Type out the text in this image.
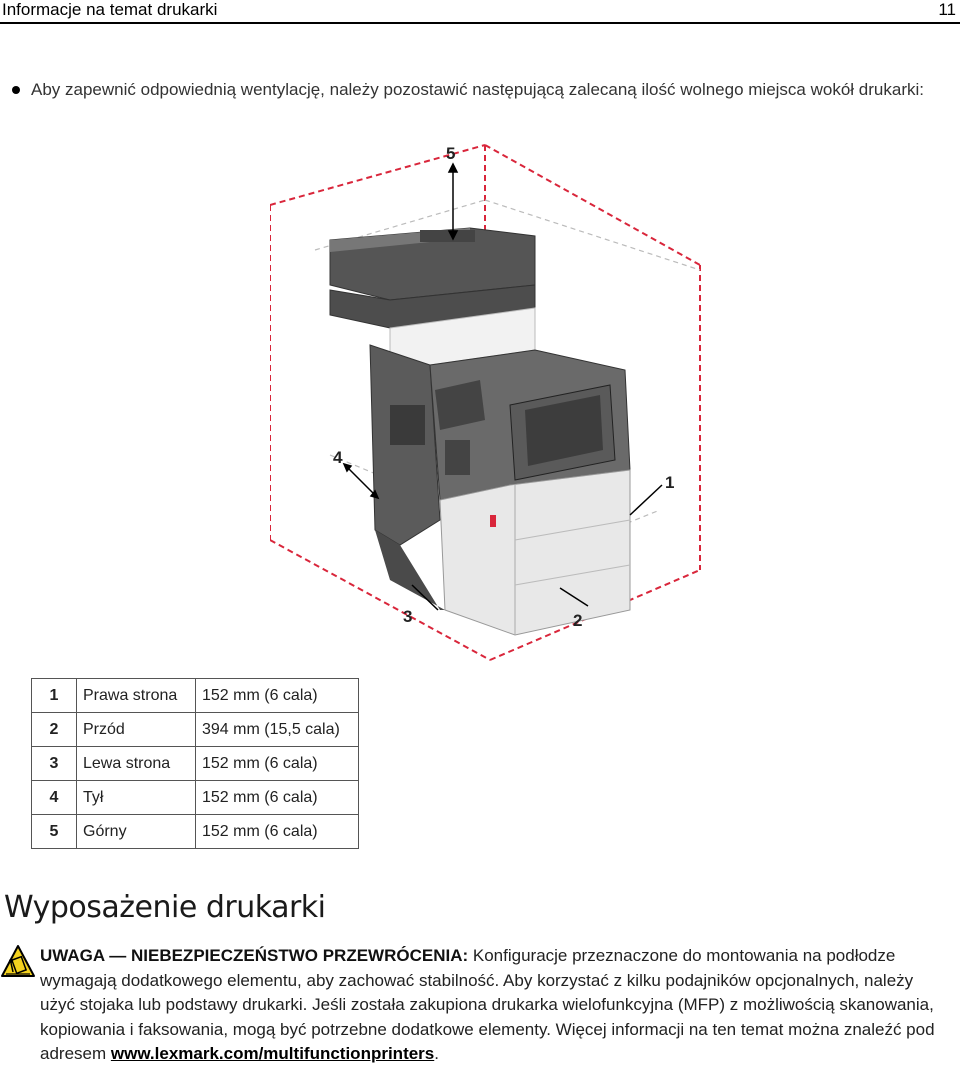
Informacje na temat drukarki	11
Aby zapewnić odpowiednią wentylację, należy pozostawić następującą zalecaną ilość wolnego miejsca wokół drukarki:
5
4
1
3	2
1	Prawa strona	152 mm (6 cala)
2	Przód	394 mm (15,5 cala)
3	Lewa strona	152 mm (6 cala)
4	Tył	152 mm (6 cala)
5	Górny	152 mm (6 cala)
Wyposażenie drukarki
UWAGA — NIEBEZPIECZEŃSTWO PRZEWRÓCENIA: Konfiguracje przeznaczone do montowania na podłodze wymagają dodatkowego elementu, aby zachować stabilność. Aby korzystać z kilku podajników opcjonalnych, należy użyć stojaka lub podstawy drukarki. Jeśli została zakupiona drukarka wielofunkcyjna (MFP) z możliwością skanowania, kopiowania i faksowania, mogą być potrzebne dodatkowe elementy. Więcej informacji na ten temat można znaleźć pod adresem www.lexmark.com/multifunctionprinters.
